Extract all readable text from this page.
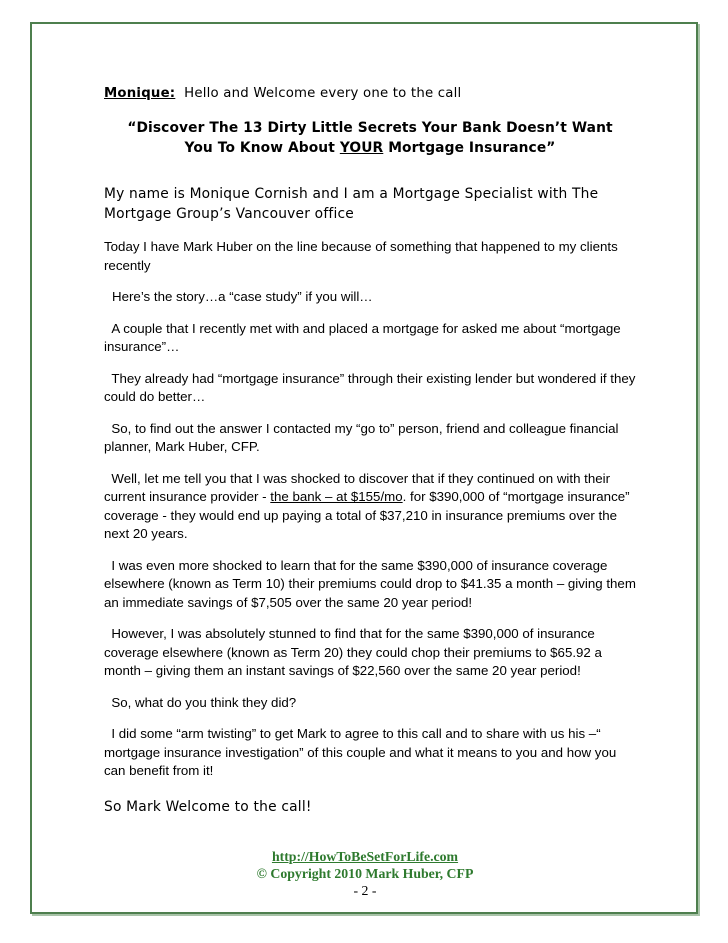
Monique: Hello and Welcome every one to the call

“Discover The 13 Dirty Little Secrets Your Bank Doesn’t Want
You To Know About YOUR Mortgage Insurance”

My name is Monique Cornish and I am a Mortgage Specialist with The Mortgage Group’s Vancouver office

Today I have Mark Huber on the line because of something that happened to my clients recently

Here’s the story…a “case study” if you will…

A couple that I recently met with and placed a mortgage for asked me about “mortgage insurance”…

They already had “mortgage insurance” through their existing lender but wondered if they could do better…

So, to find out the answer I contacted my “go to” person, friend and colleague financial planner, Mark Huber, CFP.

Well, let me tell you that I was shocked to discover that if they continued on with their current insurance provider - the bank – at $155/mo. for $390,000 of “mortgage insurance” coverage - they would end up paying a total of $37,210 in insurance premiums over the next 20 years.

I was even more shocked to learn that for the same $390,000 of insurance coverage elsewhere (known as Term 10) their premiums could drop to $41.35 a month – giving them an immediate savings of $7,505 over the same 20 year period!

However, I was absolutely stunned to find that for the same $390,000 of insurance coverage elsewhere (known as Term 20) they could chop their premiums to $65.92 a month – giving them an instant savings of $22,560 over the same 20 year period!

So, what do you think they did?

I did some “arm twisting” to get Mark to agree to this call and to share with us his –“ mortgage insurance investigation” of this couple and what it means to you and how you can benefit from it!

So Mark Welcome to the call!

http://HowToBeSetForLife.com
© Copyright 2010 Mark Huber, CFP
- 2 -
